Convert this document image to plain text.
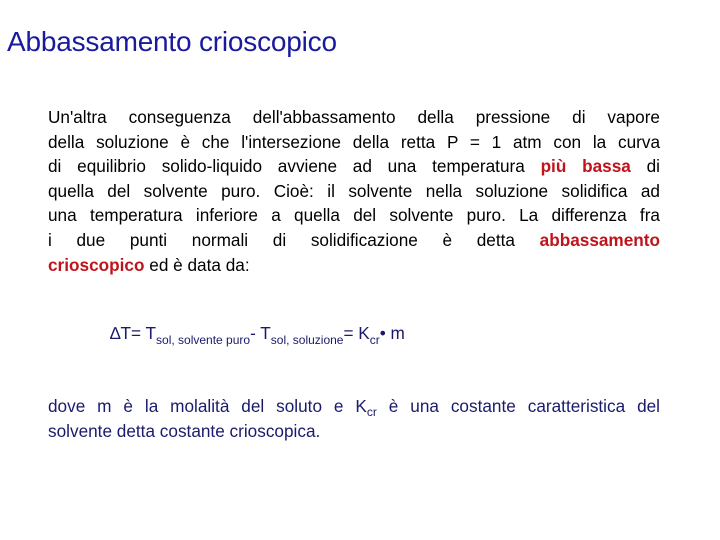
Abbassamento crioscopico
Un'altra conseguenza dell'abbassamento della pressione di vapore
della soluzione è che l'intersezione della retta P = 1 atm con la curva
di equilibrio solido-liquido avviene ad una temperatura più bassa di
quella del solvente puro. Cioè: il solvente nella soluzione solidifica ad
una temperatura inferiore a quella del solvente puro. La differenza fra
i due punti normali di solidificazione è detta abbassamento
crioscopico ed è data da:
$\Delta T= T_{sol, solvente puro}-$ $T_{sol, soluzione}=$ $K_{cr}•$ m
dove m è la molalità del soluto e $K_{cr}$ è una costante caratteristica del
solvente detta costante crioscopica.
